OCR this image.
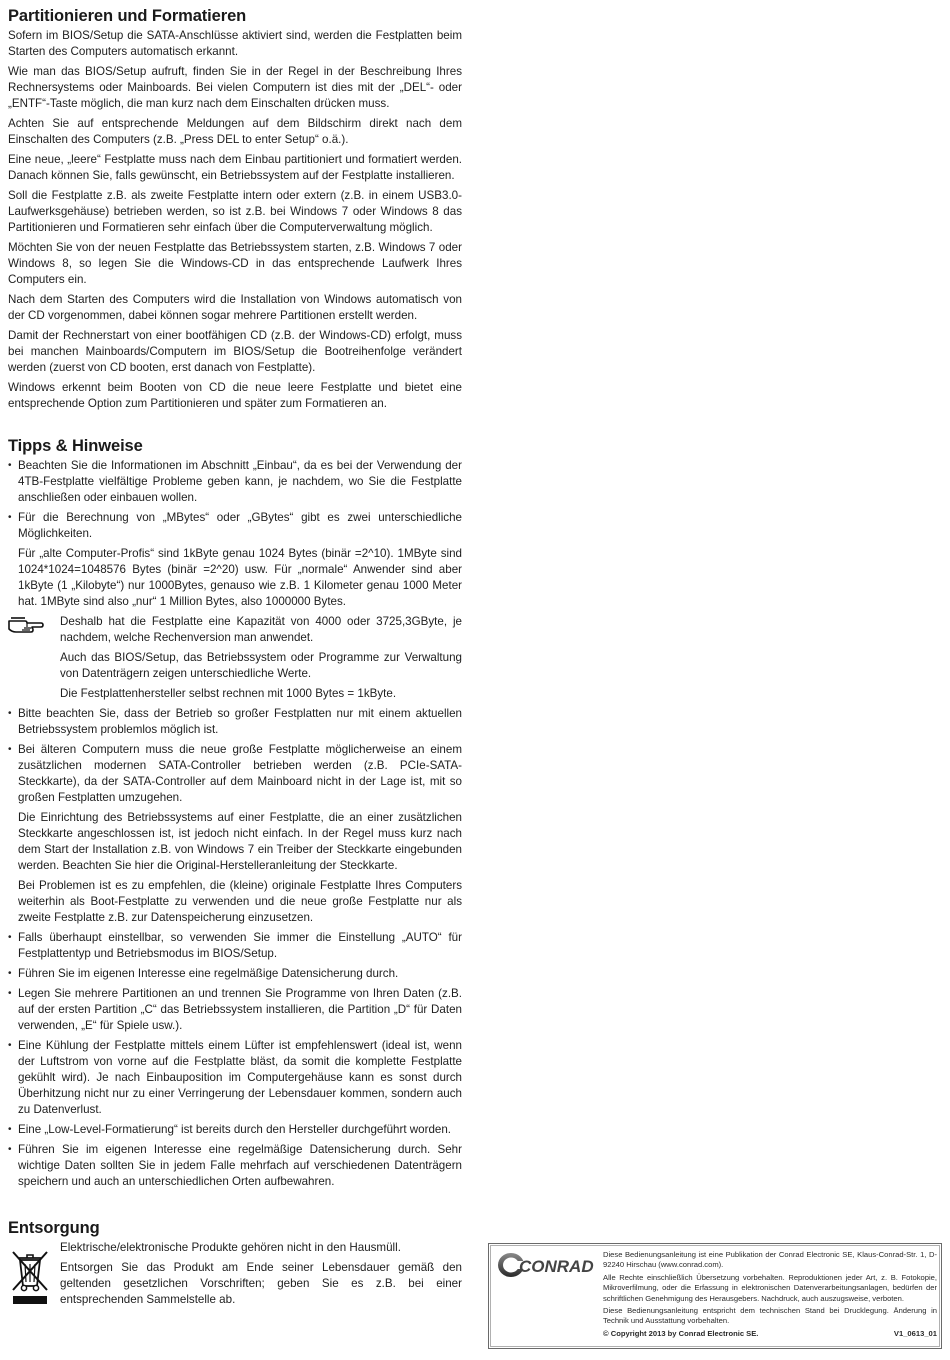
Partitionieren und Formatieren

Sofern im BIOS/Setup die SATA-Anschlüsse aktiviert sind, werden die Festplatten beim Starten des Computers automatisch erkannt.

Wie man das BIOS/Setup aufruft, finden Sie in der Regel in der Beschreibung Ihres Rechnersystems oder Mainboards. Bei vielen Computern ist dies mit der „DEL“- oder „ENTF“-Taste möglich, die man kurz nach dem Einschalten drücken muss.

Achten Sie auf entsprechende Meldungen auf dem Bildschirm direkt nach dem Einschalten des Computers (z.B. „Press DEL to enter Setup“ o.ä.).

Eine neue, „leere“ Festplatte muss nach dem Einbau partitioniert und formatiert werden. Danach können Sie, falls gewünscht, ein Betriebssystem auf der Festplatte installieren.

Soll die Festplatte z.B. als zweite Festplatte intern oder extern (z.B. in einem USB3.0-Laufwerksgehäuse) betrieben werden, so ist z.B. bei Windows 7 oder Windows 8 das Partitionieren und Formatieren sehr einfach über die Computerverwaltung möglich.

Möchten Sie von der neuen Festplatte das Betriebssystem starten, z.B. Windows 7 oder Windows 8, so legen Sie die Windows-CD in das entsprechende Laufwerk Ihres Computers ein.

Nach dem Starten des Computers wird die Installation von Windows automatisch von der CD vorgenommen, dabei können sogar mehrere Partitionen erstellt werden.

Damit der Rechnerstart von einer bootfähigen CD (z.B. der Windows-CD) erfolgt, muss bei manchen Mainboards/Computern im BIOS/Setup die Bootreihenfolge verändert werden (zuerst von CD booten, erst danach von Festplatte).

Windows erkennt beim Booten von CD die neue leere Festplatte und bietet eine entsprechende Option zum Partitionieren und später zum Formatieren an.

Tipps & Hinweise
• Beachten Sie die Informationen im Abschnitt „Einbau“, da es bei der Verwendung der 4TB-Festplatte vielfältige Probleme geben kann, je nachdem, wo Sie die Festplatte anschließen oder einbauen wollen.
• Für die Berechnung von „MBytes“ oder „GBytes“ gibt es zwei unterschiedliche Möglichkeiten.

Für „alte Computer-Profis“ sind 1kByte genau 1024 Bytes (binär =2^10). 1MByte sind 1024*1024=1048576 Bytes (binär =2^20) usw. Für „normale“ Anwender sind aber 1kByte (1 „Kilobyte“) nur 1000Bytes, genauso wie z.B. 1 Kilometer genau 1000 Meter hat. 1MByte sind also „nur“ 1 Million Bytes, also 1000000 Bytes.

Deshalb hat die Festplatte eine Kapazität von 4000 oder 3725,3GByte, je nachdem, welche Rechenversion man anwendet.

Auch das BIOS/Setup, das Betriebssystem oder Programme zur Verwaltung von Datenträgern zeigen unterschiedliche Werte.

Die Festplattenhersteller selbst rechnen mit 1000 Bytes = 1kByte.

• Bitte beachten Sie, dass der Betrieb so großer Festplatten nur mit einem aktuellen Betriebssystem problemlos möglich ist.
• Bei älteren Computern muss die neue große Festplatte möglicherweise an einem zusätzlichen modernen SATA-Controller betrieben werden (z.B. PCIe-SATA-Steckkarte), da der SATA-Controller auf dem Mainboard nicht in der Lage ist, mit so großen Festplatten umzugehen.

Die Einrichtung des Betriebssystems auf einer Festplatte, die an einer zusätzlichen Steckkarte angeschlossen ist, ist jedoch nicht einfach. In der Regel muss kurz nach dem Start der Installation z.B. von Windows 7 ein Treiber der Steckkarte eingebunden werden. Beachten Sie hier die Original-Herstelleranleitung der Steckkarte.

Bei Problemen ist es zu empfehlen, die (kleine) originale Festplatte Ihres Computers weiterhin als Boot-Festplatte zu verwenden und die neue große Festplatte nur als zweite Festplatte z.B. zur Datenspeicherung einzusetzen.

• Falls überhaupt einstellbar, so verwenden Sie immer die Einstellung „AUTO“ für Festplattentyp und Betriebsmodus im BIOS/Setup.
• Führen Sie im eigenen Interesse eine regelmäßige Datensicherung durch.
• Legen Sie mehrere Partitionen an und trennen Sie Programme von Ihren Daten (z.B. auf der ersten Partition „C“ das Betriebssystem installieren, die Partition „D“ für Daten verwenden, „E“ für Spiele usw.).
• Eine Kühlung der Festplatte mittels einem Lüfter ist empfehlenswert (ideal ist, wenn der Luftstrom von vorne auf die Festplatte bläst, da somit die komplette Festplatte gekühlt wird). Je nach Einbauposition im Computergehäuse kann es sonst durch Überhitzung nicht nur zu einer Verringerung der Lebensdauer kommen, sondern auch zu Datenverlust.
• Eine „Low-Level-Formatierung“ ist bereits durch den Hersteller durchgeführt worden.
• Führen Sie im eigenen Interesse eine regelmäßige Datensicherung durch. Sehr wichtige Daten sollten Sie in jedem Falle mehrfach auf verschiedenen Datenträgern speichern und auch an unterschiedlichen Orten aufbewahren.
Entsorgung

Elektrische/elektronische Produkte gehören nicht in den Hausmüll.

Entsorgen Sie das Produkt am Ende seiner Lebensdauer gemäß den geltenden gesetzlichen Vorschriften; geben Sie es z.B. bei einer entsprechenden Sammelstelle ab.

CONRAD

Diese Bedienungsanleitung ist eine Publikation der Conrad Electronic SE, Klaus-Conrad-Str. 1, D-92240 Hirschau (www.conrad.com).

Alle Rechte einschließlich Übersetzung vorbehalten. Reproduktionen jeder Art, z. B. Fotokopie, Mikroverfilmung, oder die Erfassung in elektronischen Datenverarbeitungsanlagen, bedürfen der schriftlichen Genehmigung des Herausgebers. Nachdruck, auch auszugsweise, verboten.

Diese Bedienungsanleitung entspricht dem technischen Stand bei Drucklegung. Änderung in Technik und Ausstattung vorbehalten.

© Copyright 2013 by Conrad Electronic SE.	V1_0613_01
